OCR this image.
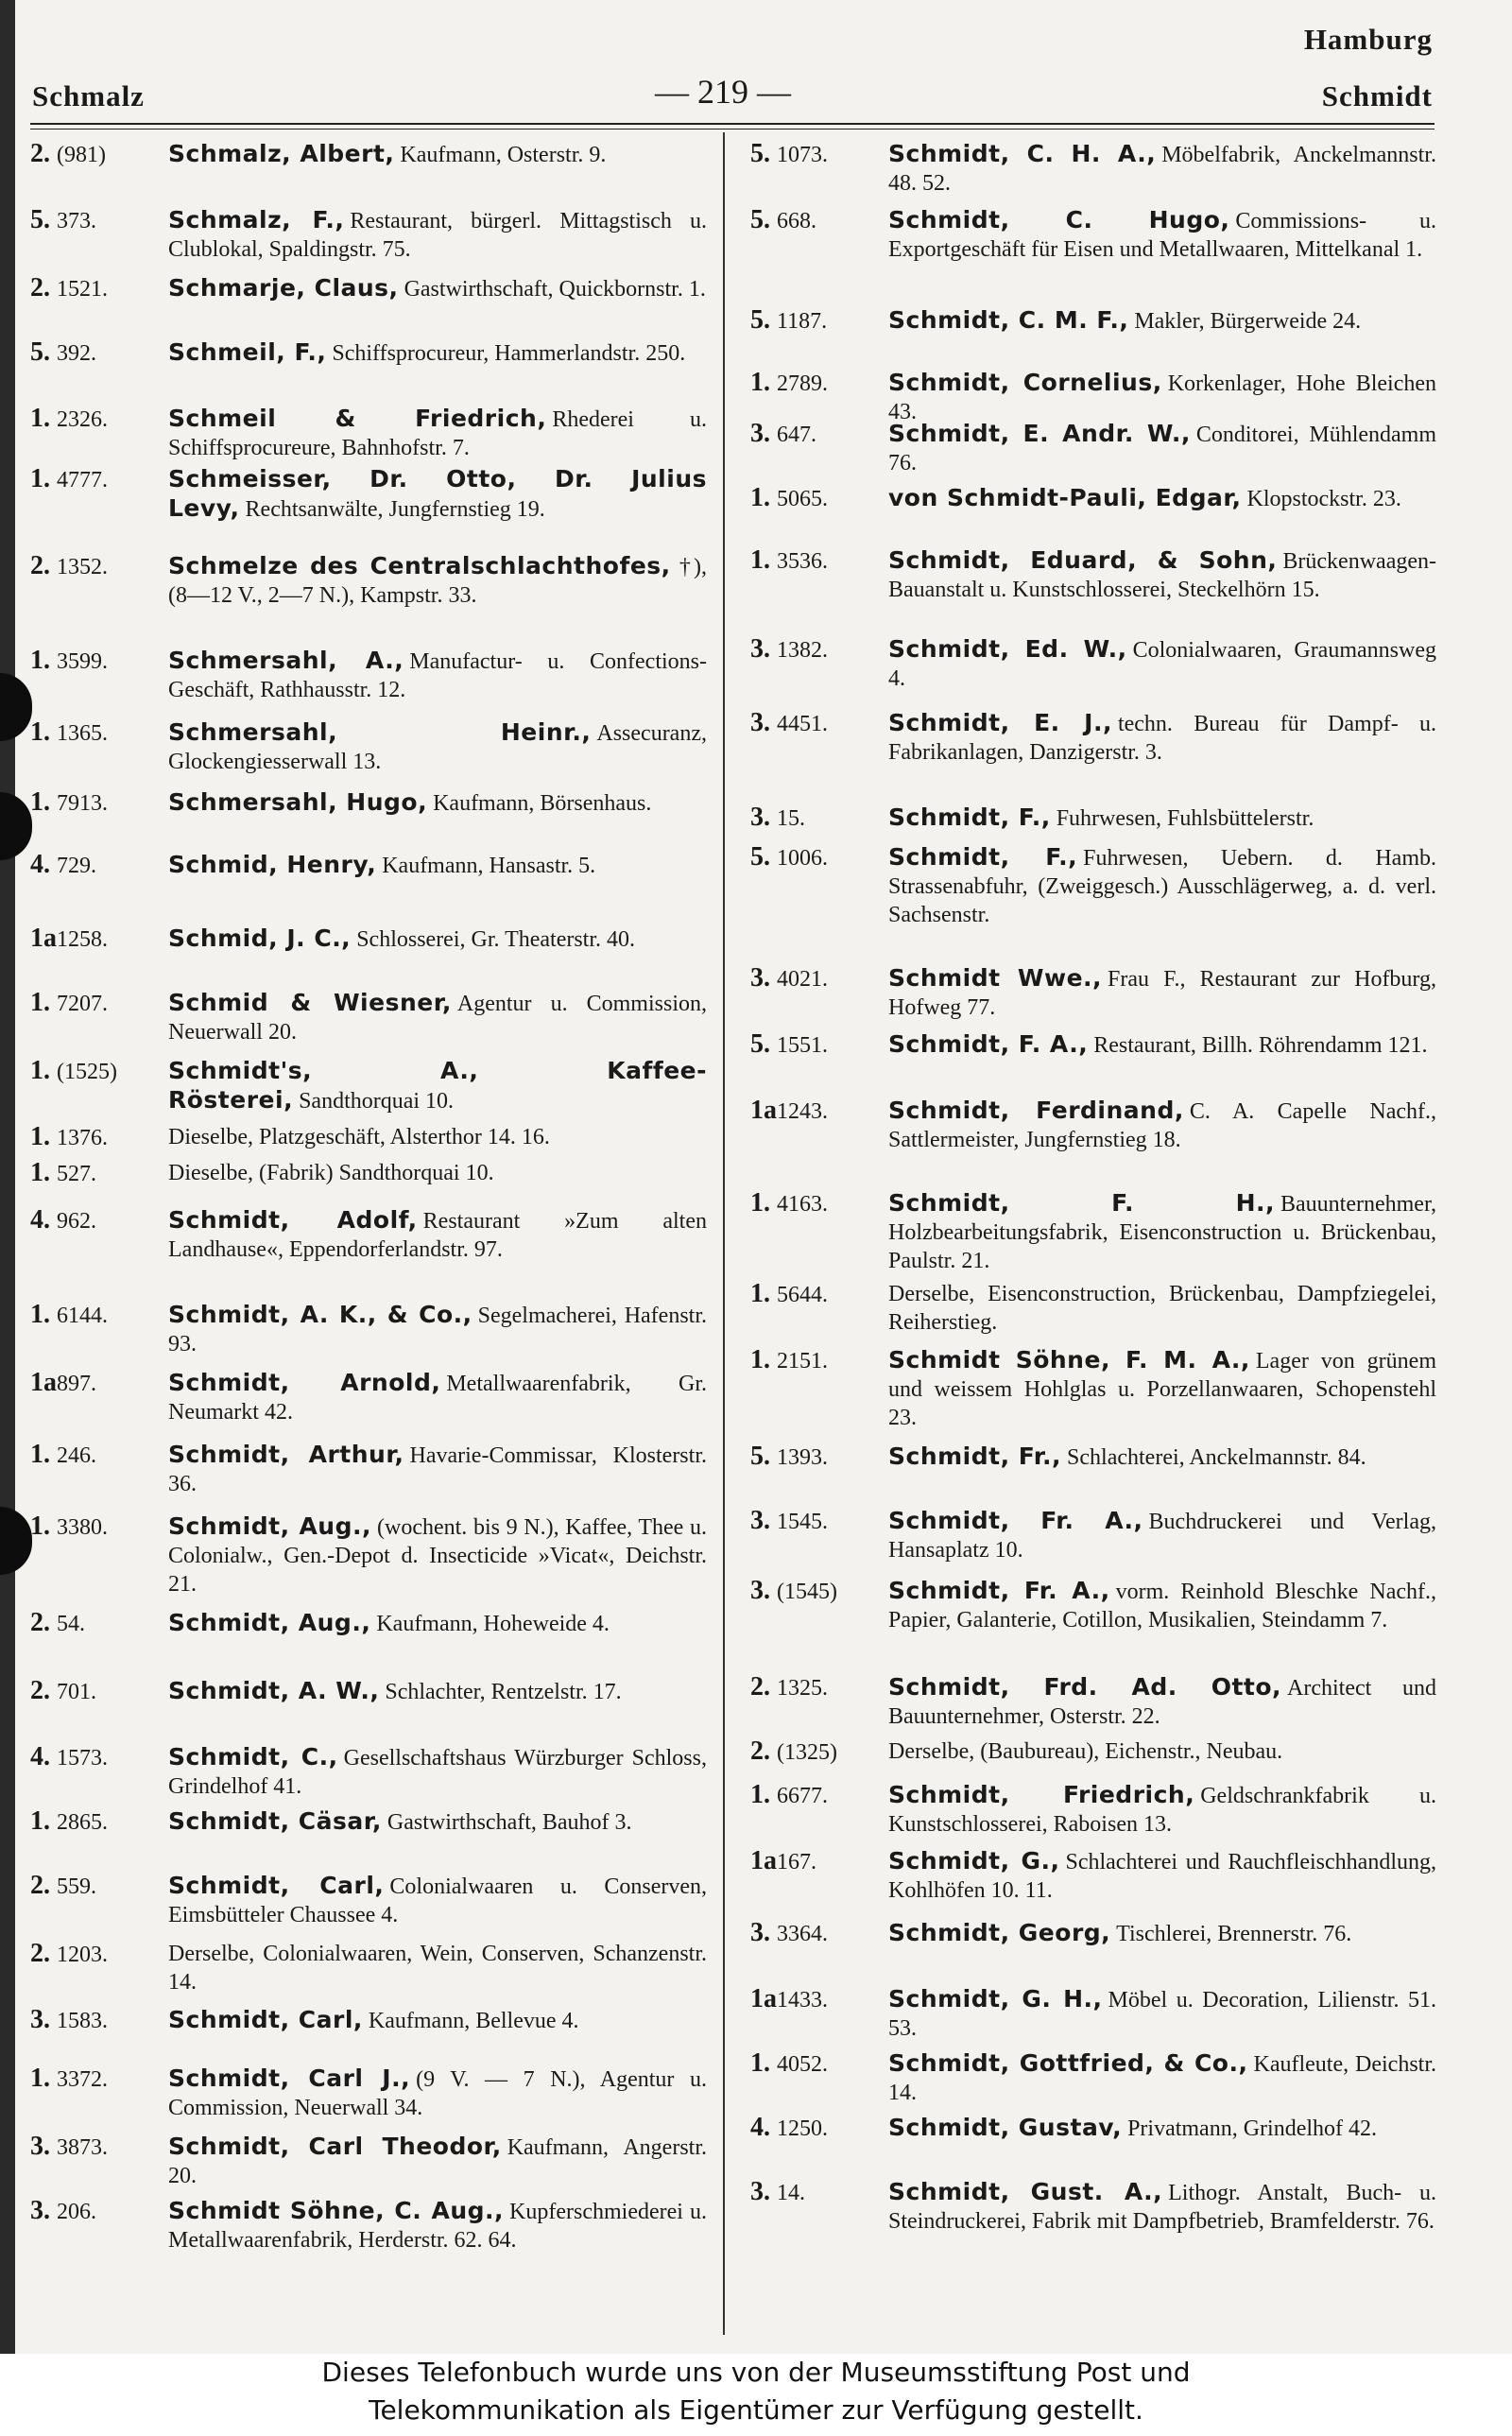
Hamburg
Schmalz	— 219 —	Schmidt
2. (981)	Schmalz, Albert, Kaufmann, Osterstr. 9.
5. 373.	Schmalz, F., Restaurant, bürgerl. Mittagstisch u. Clublokal, Spaldingstr. 75.
2. 1521.	Schmarje, Claus, Gastwirthschaft, Quickbornstr. 1.
5. 392.	Schmeil, F., Schiffsprocureur, Hammerlandstr. 250.
1. 2326.	Schmeil & Friedrich, Rhederei u. Schiffsprocureure, Bahnhofstr. 7.
1. 4777.	Schmeisser, Dr. Otto, Dr. Julius Levy, Rechtsanwälte, Jungfernstieg 19.
2. 1352.	Schmelze des Centralschlachthofes, †), (8—12 V., 2—7 N.), Kampstr. 33.
1. 3599.	Schmersahl, A., Manufactur- u. Confections-Geschäft, Rathhausstr. 12.
1. 1365.	Schmersahl, Heinr., Assecuranz, Glockengiesserwall 13.
1. 7913.	Schmersahl, Hugo, Kaufmann, Börsenhaus.
4. 729.	Schmid, Henry, Kaufmann, Hansastr. 5.
1a1258.	Schmid, J. C., Schlosserei, Gr. Theaterstr. 40.
1. 7207.	Schmid & Wiesner, Agentur u. Commission, Neuerwall 20.
1. (1525)	Schmidt's, A., Kaffee-Rösterei, Sandthorquai 10.
1. 1376.	Dieselbe, Platzgeschäft, Alsterthor 14. 16.
1. 527.	Dieselbe, (Fabrik) Sandthorquai 10.
4. 962.	Schmidt, Adolf, Restaurant »Zum alten Landhause«, Eppendorferlandstr. 97.
1. 6144.	Schmidt, A. K., & Co., Segelmacherei, Hafenstr. 93.
1a897.	Schmidt, Arnold, Metallwaarenfabrik, Gr. Neumarkt 42.
1. 246.	Schmidt, Arthur, Havarie-Commissar, Klosterstr. 36.
1. 3380.	Schmidt, Aug., (wochent. bis 9 N.), Kaffee, Thee u. Colonialw., Gen.-Depot d. Insecticide »Vicat«, Deichstr. 21.
2. 54.	Schmidt, Aug., Kaufmann, Hoheweide 4.
2. 701.	Schmidt, A. W., Schlachter, Rentzelstr. 17.
4. 1573.	Schmidt, C., Gesellschaftshaus Würzburger Schloss, Grindelhof 41.
1. 2865.	Schmidt, Cäsar, Gastwirthschaft, Bauhof 3.
2. 559.	Schmidt, Carl, Colonialwaaren u. Conserven, Eimsbütteler Chaussee 4.
2. 1203.	Derselbe, Colonialwaaren, Wein, Conserven, Schanzenstr. 14.
3. 1583.	Schmidt, Carl, Kaufmann, Bellevue 4.
1. 3372.	Schmidt, Carl J., (9 V. — 7 N.), Agentur u. Commission, Neuerwall 34.
3. 3873.	Schmidt, Carl Theodor, Kaufmann, Angerstr. 20.
3. 206.	Schmidt Söhne, C. Aug., Kupferschmiederei u. Metallwaarenfabrik, Herderstr. 62. 64.
5. 1073.	Schmidt, C. H. A., Möbelfabrik, Anckelmannstr. 48. 52.
5. 668.	Schmidt, C. Hugo, Commissions- u. Exportgeschäft für Eisen und Metallwaaren, Mittelkanal 1.
5. 1187.	Schmidt, C. M. F., Makler, Bürgerweide 24.
1. 2789.	Schmidt, Cornelius, Korkenlager, Hohe Bleichen 43.
3. 647.	Schmidt, E. Andr. W., Conditorei, Mühlendamm 76.
1. 5065.	von Schmidt-Pauli, Edgar, Klopstockstr. 23.
1. 3536.	Schmidt, Eduard, & Sohn, Brückenwaagen-Bauanstalt u. Kunstschlosserei, Steckelhörn 15.
3. 1382.	Schmidt, Ed. W., Colonialwaaren, Graumannsweg 4.
3. 4451.	Schmidt, E. J., techn. Bureau für Dampf- u. Fabrikanlagen, Danzigerstr. 3.
3. 15.	Schmidt, F., Fuhrwesen, Fuhlsbüttelerstr.
5. 1006.	Schmidt, F., Fuhrwesen, Uebern. d. Hamb. Strassenabfuhr, (Zweiggesch.) Ausschlägerweg, a. d. verl. Sachsenstr.
3. 4021.	Schmidt Wwe., Frau F., Restaurant zur Hofburg, Hofweg 77.
5. 1551.	Schmidt, F. A., Restaurant, Billh. Röhrendamm 121.
1a1243.	Schmidt, Ferdinand, C. A. Capelle Nachf., Sattlermeister, Jungfernstieg 18.
1. 4163.	Schmidt, F. H., Bauunternehmer, Holzbearbeitungsfabrik, Eisenconstruction u. Brückenbau, Paulstr. 21.
1. 5644.	Derselbe, Eisenconstruction, Brückenbau, Dampfziegelei, Reiherstieg.
1. 2151.	Schmidt Söhne, F. M. A., Lager von grünem und weissem Hohlglas u. Porzellanwaaren, Schopenstehl 23.
5. 1393.	Schmidt, Fr., Schlachterei, Anckelmannstr. 84.
3. 1545.	Schmidt, Fr. A., Buchdruckerei und Verlag, Hansaplatz 10.
3. (1545)	Schmidt, Fr. A., vorm. Reinhold Bleschke Nachf., Papier, Galanterie, Cotillon, Musikalien, Steindamm 7.
2. 1325.	Schmidt, Frd. Ad. Otto, Architect und Bauunternehmer, Osterstr. 22.
2. (1325)	Derselbe, (Baubureau), Eichenstr., Neubau.
1. 6677.	Schmidt, Friedrich, Geldschrankfabrik u. Kunstschlosserei, Raboisen 13.
1a167.	Schmidt, G., Schlachterei und Rauchfleischhandlung, Kohlhöfen 10. 11.
3. 3364.	Schmidt, Georg, Tischlerei, Brennerstr. 76.
1a1433.	Schmidt, G. H., Möbel u. Decoration, Lilienstr. 51. 53.
1. 4052.	Schmidt, Gottfried, & Co., Kaufleute, Deichstr. 14.
4. 1250.	Schmidt, Gustav, Privatmann, Grindelhof 42.
3. 14.	Schmidt, Gust. A., Lithogr. Anstalt, Buch- u. Steindruckerei, Fabrik mit Dampfbetrieb, Bramfelderstr. 76.
Dieses Telefonbuch wurde uns von der Museumsstiftung Post und
Telekommunikation als Eigentümer zur Verfügung gestellt.
